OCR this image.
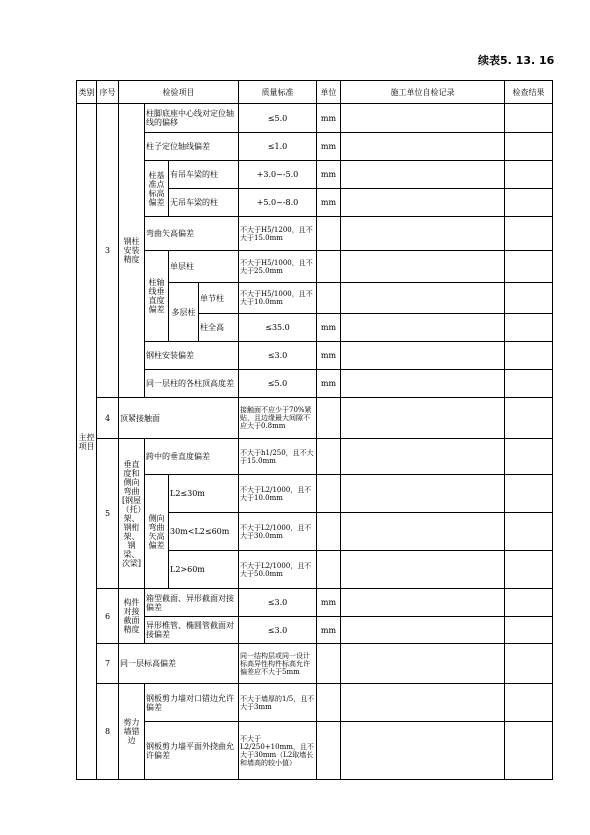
续表5. 13. 16
类别	序号	检验项目				质量标准	单位	施工单位自检记录	检查结果
主控项目	3	钢柱安装精度	柱脚底座中心线对定位轴线的偏移			≤5.0	mm	

			柱子定位轴线偏差			≤1.0	mm	

			柱基准点标高偏差	有吊车梁的柱		+3.0~-5.0	mm	

				无吊车梁的柱		+5.0~-8.0	mm	

			弯曲矢高偏差			不大于H5/1200，且不大于15.0mm		

			柱轴线垂直度偏差	单层柱		不大于H5/1000，且不大于25.0mm		

				多层柱	单节柱	不大于H5/1000，且不大于10.0mm		

					柱全高	≤35.0	mm	

			钢柱安装偏差			≤3.0	mm	

			同一层柱的各柱顶高度差			≤5.0	mm	

	4	顶紧接触面				接触面不应少于70%紧贴，且边缘最大间隙不应大于0.8mm		

	5	垂直度和侧向弯曲[钢屋（托）架、钢桁架、钢梁、次梁]	跨中的垂直度偏差			不大于h1/250，且不大于15.0mm		

			侧向弯曲矢高偏差	L2≤30m		不大于L2/1000，且不大于10.0mm		

				30m<L2≤60m		不大于L2/1000，且不大于30.0mm		

				L2>60m		不大于L2/1000，且不大于50.0mm		

	6	构件对接截面精度	箱型截面、异形截面对接偏差			≤3.0	mm	

			异形椎管、椭圆管截面对接偏差			≤3.0	mm	

	7	同一层标高偏差				同一结构层或同一设计标高异性构件标高允许偏差应不大于5mm		

	8	剪力墙错边	钢板剪力墙对口错边允许偏差			不大于墙厚的1/5，且不大于3mm		

			钢板剪力墙平面外挠曲允许偏差			不大于L2/250+10mm，且不大于30mm（L2取墙长和墙高的较小值）		
